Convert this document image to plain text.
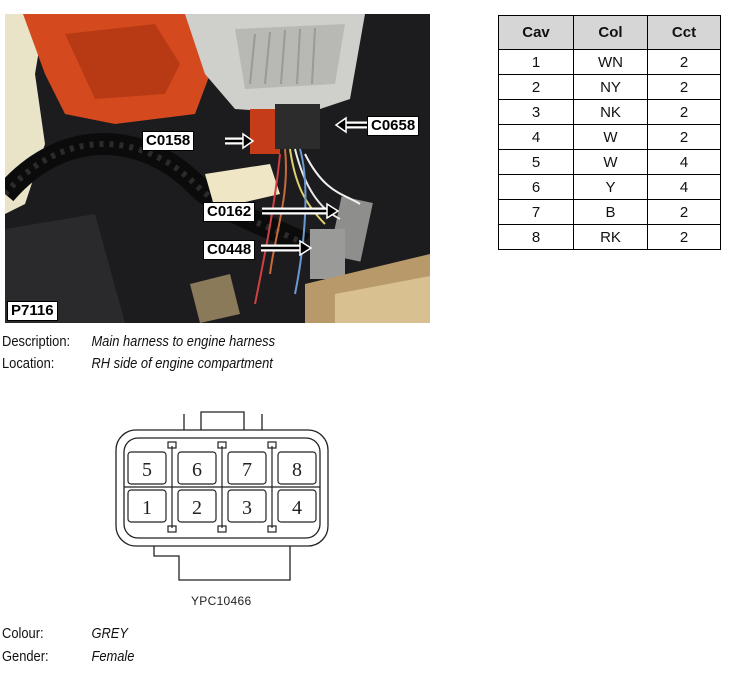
C0158
C0658
C0162
C0448
P7116
Cav	Col	Cct
1	WN	2
2	NY	2
3	NK	2
4	W	2
5	W	4
6	Y	4
7	B	2
8	RK	2
Description: Main harness to engine harness
Location: RH side of engine compartment
5 6 7 8
1 2 3 4
YPC10466
Colour:	GREY
Gender:	Female
